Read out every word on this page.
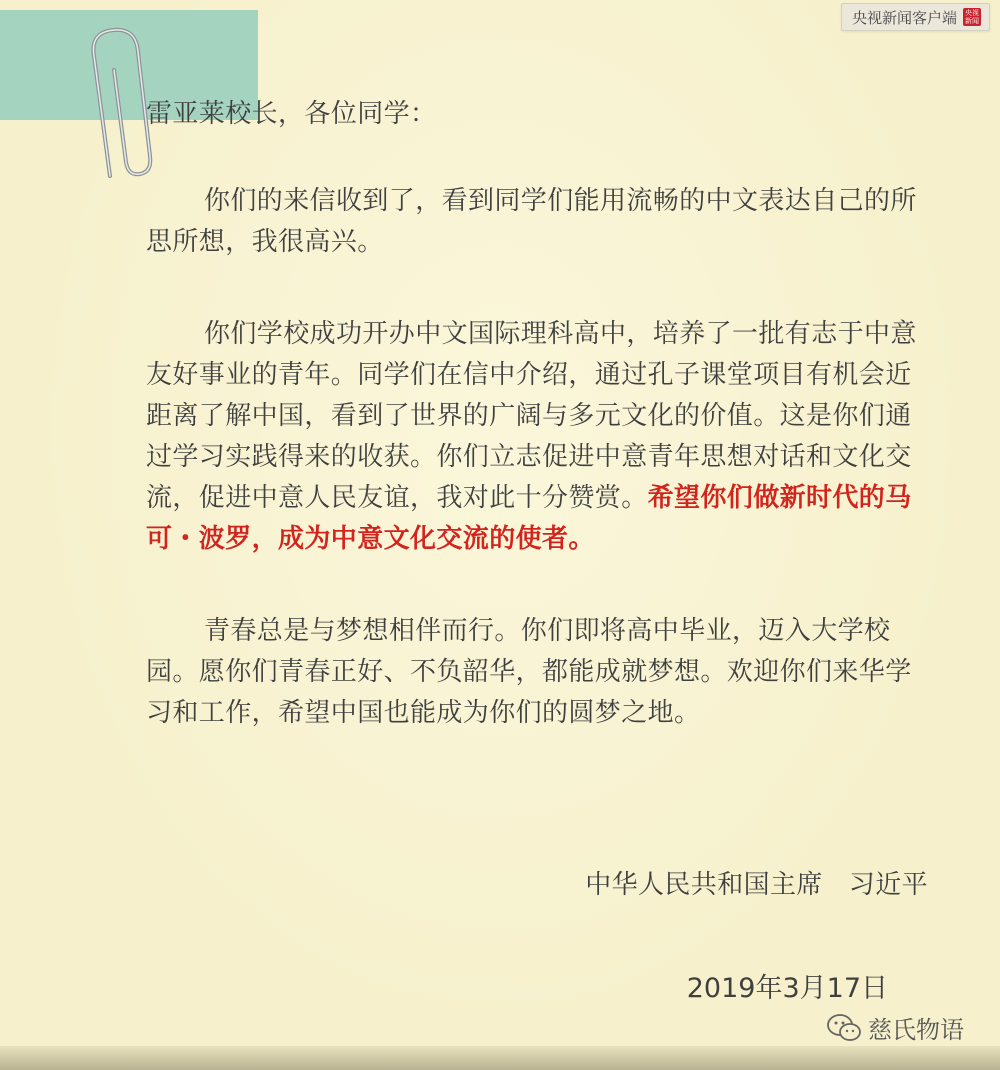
央视新闻客户端 央视新闻

雷亚莱校长，各位同学：

你们的来信收到了，看到同学们能用流畅的中文表达自己的所思所想，我很高兴。

你们学校成功开办中文国际理科高中，培养了一批有志于中意友好事业的青年。同学们在信中介绍，通过孔子课堂项目有机会近距离了解中国，看到了世界的广阔与多元文化的价值。这是你们通过学习实践得来的收获。你们立志促进中意青年思想对话和文化交流，促进中意人民友谊，我对此十分赞赏。希望你们做新时代的马可・波罗，成为中意文化交流的使者。

青春总是与梦想相伴而行。你们即将高中毕业，迈入大学校园。愿你们青春正好、不负韶华，都能成就梦想。欢迎你们来华学习和工作，希望中国也能成为你们的圆梦之地。

中华人民共和国主席   习近平
2019年3月17日
慈氏物语
